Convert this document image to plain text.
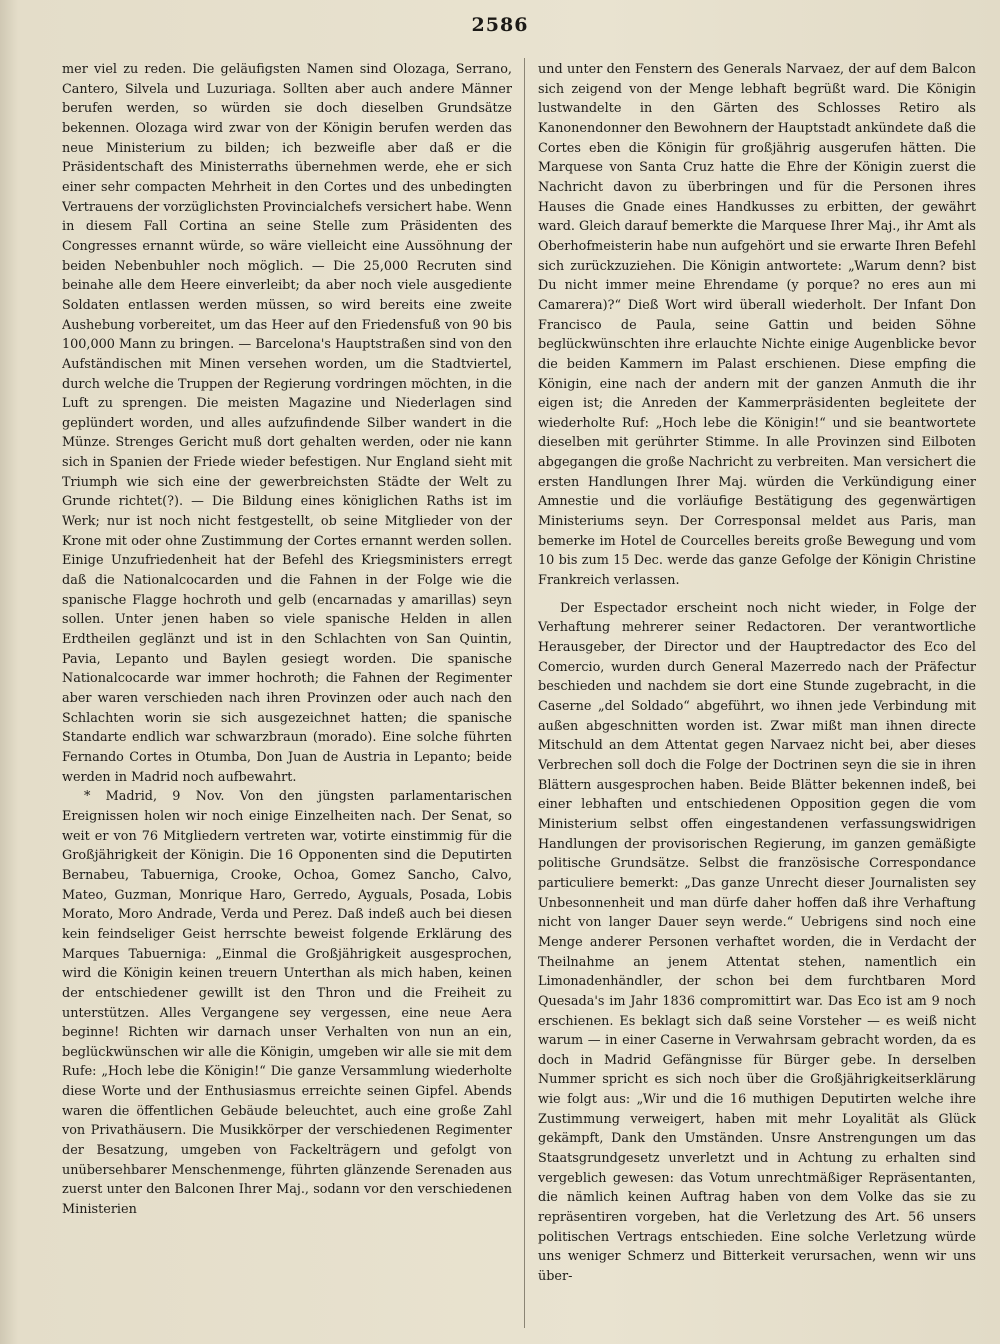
2586

mer viel zu reden. Die geläufigsten Namen sind Olozaga, Serrano, Cantero, Silvela und Luzuriaga. Sollten aber auch andere Männer berufen werden, so würden sie doch dieselben Grundsätze bekennen. Olozaga wird zwar von der Königin berufen werden das neue Ministerium zu bilden; ich bezweifle aber daß er die Präsidentschaft des Ministerraths übernehmen werde, ehe er sich einer sehr compacten Mehrheit in den Cortes und des unbedingten Vertrauens der vorzüglichsten Provincialchefs versichert habe. Wenn in diesem Fall Cortina an seine Stelle zum Präsidenten des Congresses ernannt würde, so wäre vielleicht eine Aussöhnung der beiden Nebenbuhler noch möglich. — Die 25,000 Recruten sind beinahe alle dem Heere einverleibt; da aber noch viele ausgediente Soldaten entlassen werden müssen, so wird bereits eine zweite Aushebung vorbereitet, um das Heer auf den Friedensfuß von 90 bis 100,000 Mann zu bringen. — Barcelona's Hauptstraßen sind von den Aufständischen mit Minen versehen worden, um die Stadtviertel, durch welche die Truppen der Regierung vordringen möchten, in die Luft zu sprengen. Die meisten Magazine und Niederlagen sind geplündert worden, und alles aufzufindende Silber wandert in die Münze. Strenges Gericht muß dort gehalten werden, oder nie kann sich in Spanien der Friede wieder befestigen. Nur England sieht mit Triumph wie sich eine der gewerbreichsten Städte der Welt zu Grunde richtet(?). — Die Bildung eines königlichen Raths ist im Werk; nur ist noch nicht festgestellt, ob seine Mitglieder von der Krone mit oder ohne Zustimmung der Cortes ernannt werden sollen. Einige Unzufriedenheit hat der Befehl des Kriegsministers erregt daß die Nationalcocarden und die Fahnen in der Folge wie die spanische Flagge hochroth und gelb (encarnadas y amarillas) seyn sollen. Unter jenen haben so viele spanische Helden in allen Erdtheilen geglänzt und ist in den Schlachten von San Quintin, Pavia, Lepanto und Baylen gesiegt worden. Die spanische Nationalcocarde war immer hochroth; die Fahnen der Regimenter aber waren verschieden nach ihren Provinzen oder auch nach den Schlachten worin sie sich ausgezeichnet hatten; die spanische Standarte endlich war schwarzbraun (morado). Eine solche führten Fernando Cortes in Otumba, Don Juan de Austria in Lepanto; beide werden in Madrid noch aufbewahrt.

* Madrid, 9 Nov. Von den jüngsten parlamentarischen Ereignissen holen wir noch einige Einzelheiten nach. Der Senat, so weit er von 76 Mitgliedern vertreten war, votirte einstimmig für die Großjährigkeit der Königin. Die 16 Opponenten sind die Deputirten Bernabeu, Tabuerniga, Crooke, Ochoa, Gomez Sancho, Calvo, Mateo, Guzman, Monrique Haro, Gerredo, Ayguals, Posada, Lobis Morato, Moro Andrade, Verda und Perez. Daß indeß auch bei diesen kein feindseliger Geist herrschte beweist folgende Erklärung des Marques Tabuerniga: „Einmal die Großjährigkeit ausgesprochen, wird die Königin keinen treuern Unterthan als mich haben, keinen der entschiedener gewillt ist den Thron und die Freiheit zu unterstützen. Alles Vergangene sey vergessen, eine neue Aera beginne! Richten wir darnach unser Verhalten von nun an ein, beglückwünschen wir alle die Königin, umgeben wir alle sie mit dem Rufe: „Hoch lebe die Königin!“ Die ganze Versammlung wiederholte diese Worte und der Enthusiasmus erreichte seinen Gipfel. Abends waren die öffentlichen Gebäude beleuchtet, auch eine große Zahl von Privathäusern. Die Musikkörper der verschiedenen Regimenter der Besatzung, umgeben von Fackelträgern und gefolgt von unübersehbarer Menschenmenge, führten glänzende Serenaden aus zuerst unter den Balconen Ihrer Maj., sodann vor den verschiedenen Ministerien

und unter den Fenstern des Generals Narvaez, der auf dem Balcon sich zeigend von der Menge lebhaft begrüßt ward. Die Königin lustwandelte in den Gärten des Schlosses Retiro als Kanonendonner den Bewohnern der Hauptstadt ankündete daß die Cortes eben die Königin für großjährig ausgerufen hätten. Die Marquese von Santa Cruz hatte die Ehre der Königin zuerst die Nachricht davon zu überbringen und für die Personen ihres Hauses die Gnade eines Handkusses zu erbitten, der gewährt ward. Gleich darauf bemerkte die Marquese Ihrer Maj., ihr Amt als Oberhofmeisterin habe nun aufgehört und sie erwarte Ihren Befehl sich zurückzuziehen. Die Königin antwortete: „Warum denn? bist Du nicht immer meine Ehrendame (y porque? no eres aun mi Camarera)?“ Dieß Wort wird überall wiederholt. Der Infant Don Francisco de Paula, seine Gattin und beiden Söhne beglückwünschten ihre erlauchte Nichte einige Augenblicke bevor die beiden Kammern im Palast erschienen. Diese empfing die Königin, eine nach der andern mit der ganzen Anmuth die ihr eigen ist; die Anreden der Kammerpräsidenten begleitete der wiederholte Ruf: „Hoch lebe die Königin!“ und sie beantwortete dieselben mit gerührter Stimme. In alle Provinzen sind Eilboten abgegangen die große Nachricht zu verbreiten. Man versichert die ersten Handlungen Ihrer Maj. würden die Verkündigung einer Amnestie und die vorläufige Bestätigung des gegenwärtigen Ministeriums seyn. Der Corresponsal meldet aus Paris, man bemerke im Hotel de Courcelles bereits große Bewegung und vom 10 bis zum 15 Dec. werde das ganze Gefolge der Königin Christine Frankreich verlassen.

Der Espectador erscheint noch nicht wieder, in Folge der Verhaftung mehrerer seiner Redactoren. Der verantwortliche Herausgeber, der Director und der Hauptredactor des Eco del Comercio, wurden durch General Mazerredo nach der Präfectur beschieden und nachdem sie dort eine Stunde zugebracht, in die Caserne „del Soldado“ abgeführt, wo ihnen jede Verbindung mit außen abgeschnitten worden ist. Zwar mißt man ihnen directe Mitschuld an dem Attentat gegen Narvaez nicht bei, aber dieses Verbrechen soll doch die Folge der Doctrinen seyn die sie in ihren Blättern ausgesprochen haben. Beide Blätter bekennen indeß, bei einer lebhaften und entschiedenen Opposition gegen die vom Ministerium selbst offen eingestandenen verfassungswidrigen Handlungen der provisorischen Regierung, im ganzen gemäßigte politische Grundsätze. Selbst die französische Correspondance particuliere bemerkt: „Das ganze Unrecht dieser Journalisten sey Unbesonnenheit und man dürfe daher hoffen daß ihre Verhaftung nicht von langer Dauer seyn werde.“ Uebrigens sind noch eine Menge anderer Personen verhaftet worden, die in Verdacht der Theilnahme an jenem Attentat stehen, namentlich ein Limonadenhändler, der schon bei dem furchtbaren Mord Quesada's im Jahr 1836 compromittirt war. Das Eco ist am 9 noch erschienen. Es beklagt sich daß seine Vorsteher — es weiß nicht warum — in einer Caserne in Verwahrsam gebracht worden, da es doch in Madrid Gefängnisse für Bürger gebe. In derselben Nummer spricht es sich noch über die Großjährigkeitserklärung wie folgt aus: „Wir und die 16 muthigen Deputirten welche ihre Zustimmung verweigert, haben mit mehr Loyalität als Glück gekämpft, Dank den Umständen. Unsre Anstrengungen um das Staatsgrundgesetz unverletzt und in Achtung zu erhalten sind vergeblich gewesen: das Votum unrechtmäßiger Repräsentanten, die nämlich keinen Auftrag haben von dem Volke das sie zu repräsentiren vorgeben, hat die Verletzung des Art. 56 unsers politischen Vertrags entschieden. Eine solche Verletzung würde uns weniger Schmerz und Bitterkeit verursachen, wenn wir uns über-
